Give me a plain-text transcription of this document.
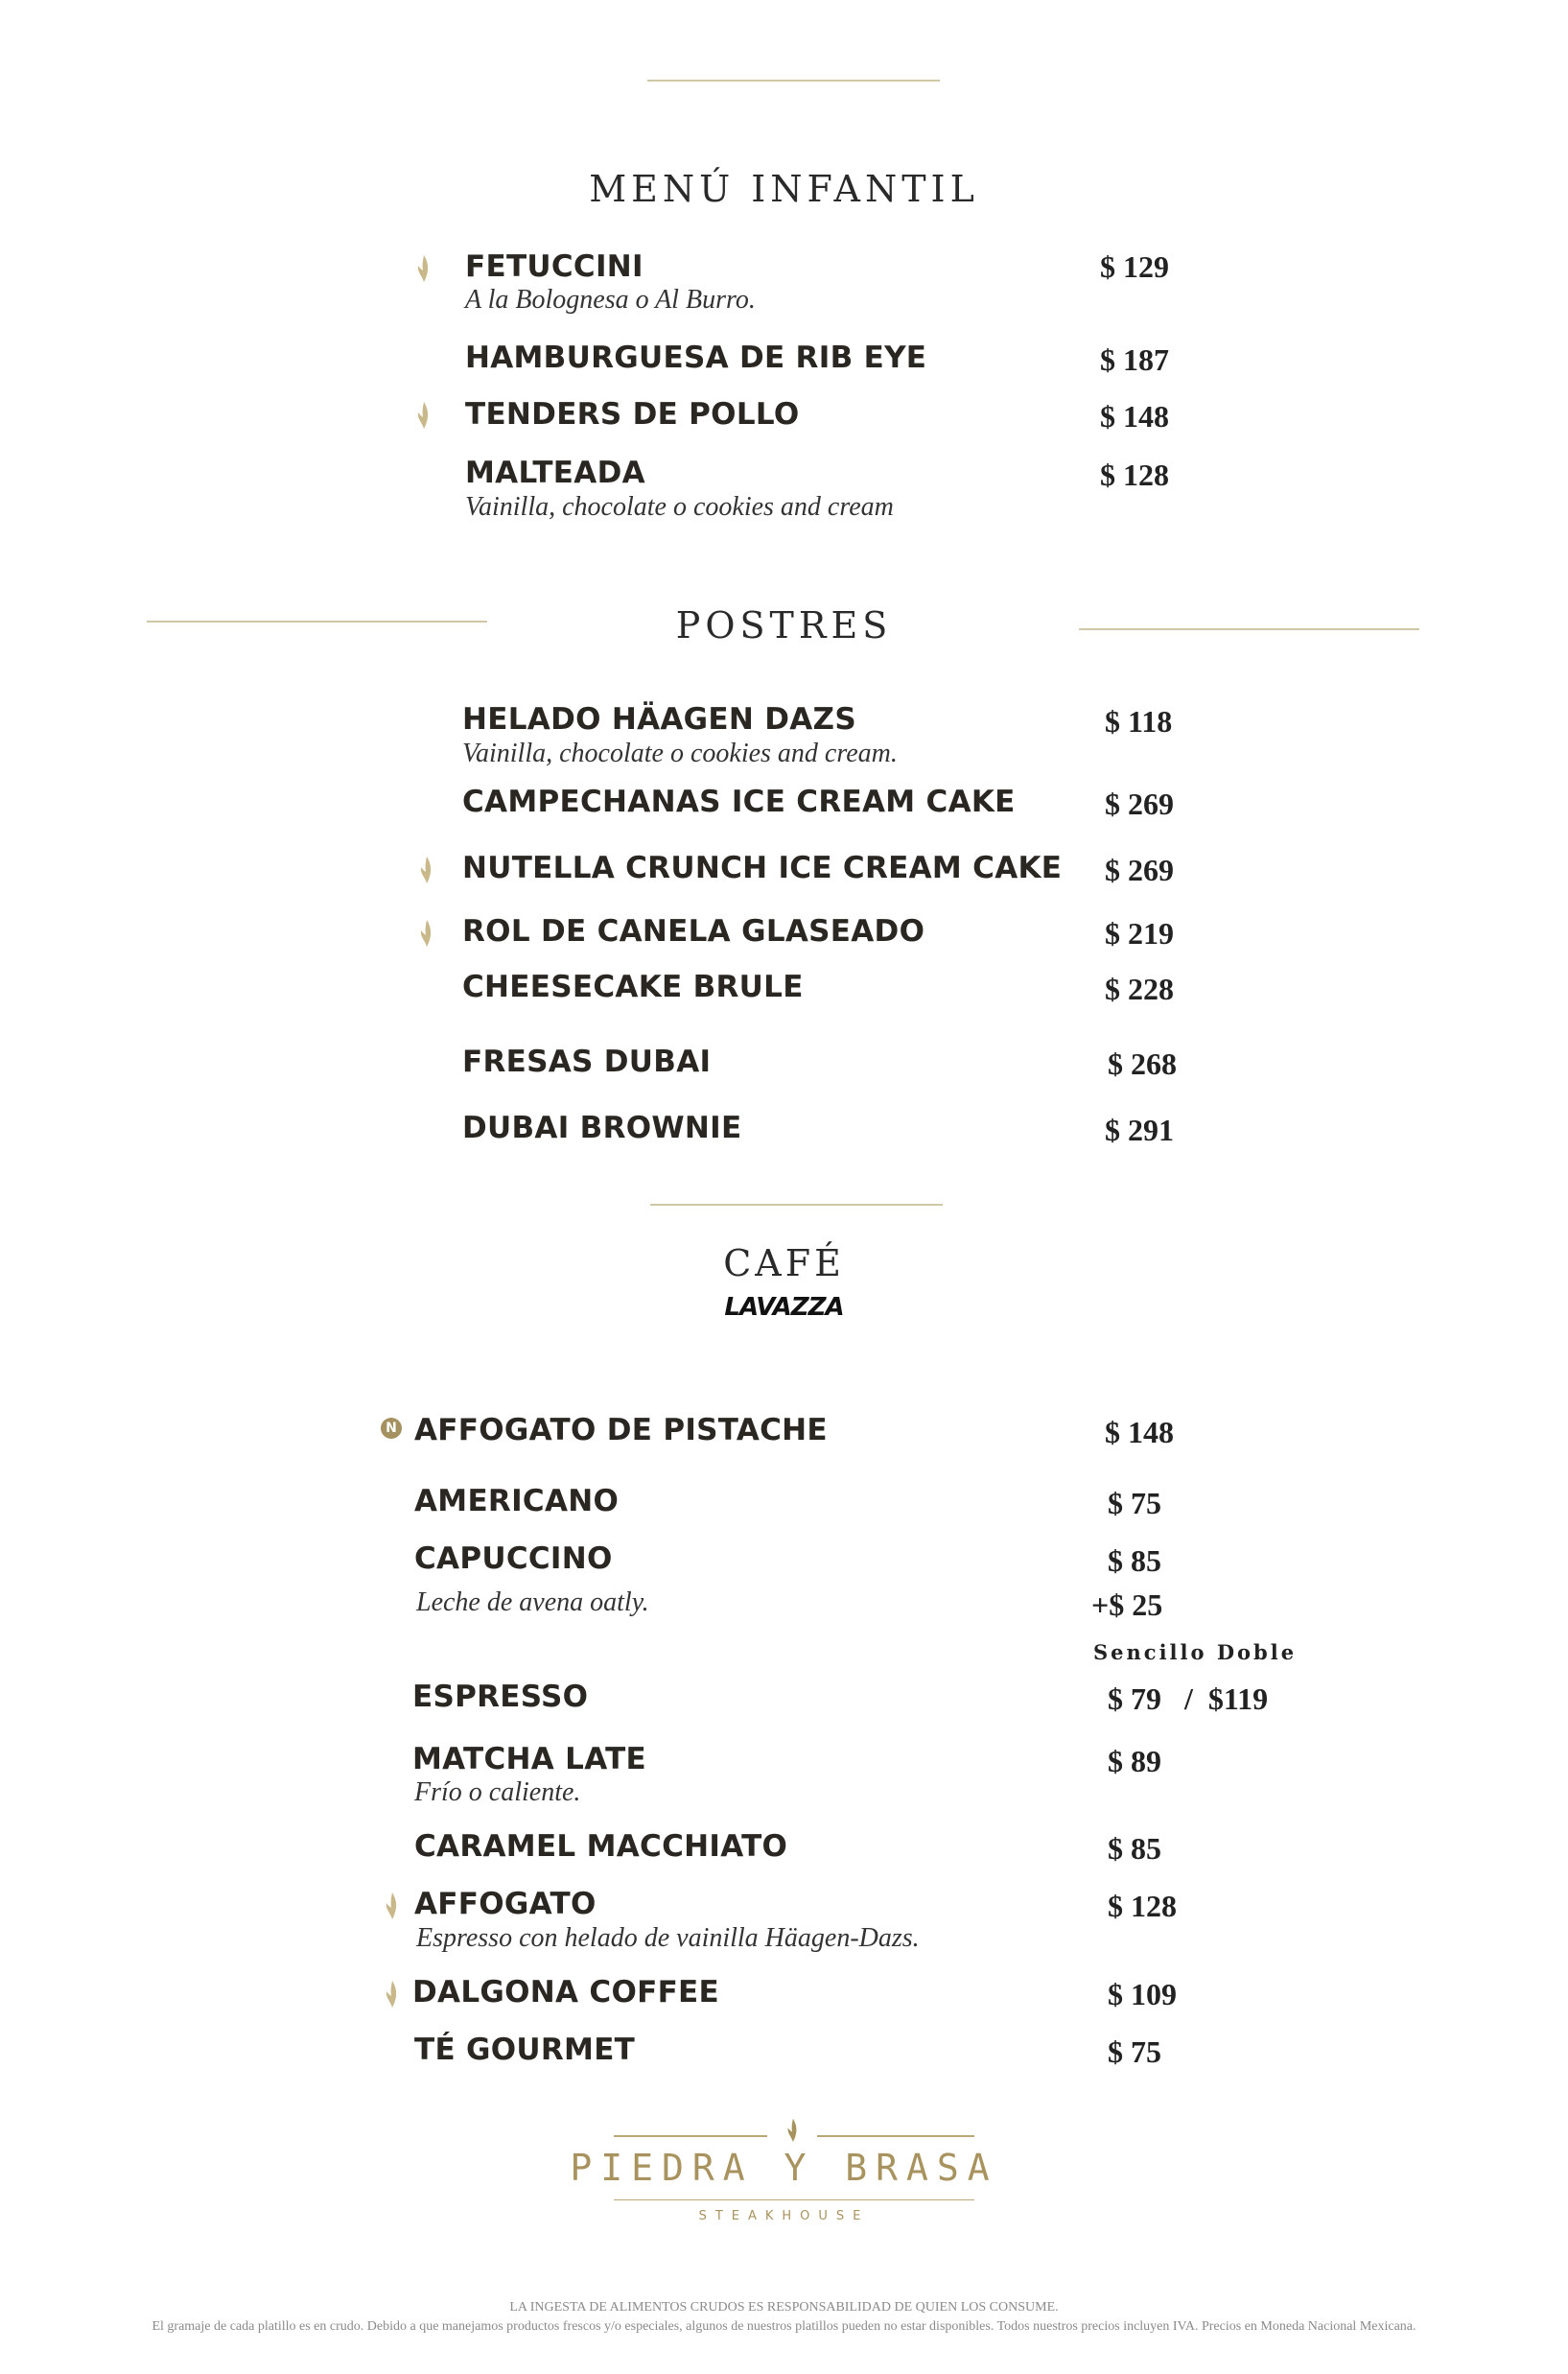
MENÚ INFANTIL
FETUCCINI
A la Bolognesa o Al Burro.
$ 129
HAMBURGUESA DE RIB EYE	$ 187
TENDERS DE POLLO	$ 148
MALTEADA
Vainilla, chocolate o cookies and cream
$ 128
POSTRES
HELADO HÄAGEN DAZS
Vainilla, chocolate o cookies and cream.
$ 118
CAMPECHANAS ICE CREAM CAKE	$ 269
NUTELLA CRUNCH ICE CREAM CAKE $ 269
ROL DE CANELA GLASEADO	$ 219
CHEESECAKE BRULE	$ 228
FRESAS DUBAI	$ 268
DUBAI BROWNIE	$ 291
CAFÉ
LAVAZZA
N AFFOGATO DE PISTACHE	$ 148
AMERICANO	$ 75
CAPUCCINO	$ 85
Leche de avena oatly.	+$ 25
Sencillo Doble
ESPRESSO	$ 79   /  $119
MATCHA LATE
Frío o caliente.
$ 89
CARAMEL MACCHIATO	$ 85
AFFOGATO
Espresso con helado de vainilla Häagen-Dazs.
$ 128
DALGONA COFFEE	$ 109
TÉ GOURMET	$ 75
PIEDRA Y BRASA
STEAKHOUSE
LA INGESTA DE ALIMENTOS CRUDOS ES RESPONSABILIDAD DE QUIEN LOS CONSUME.
El gramaje de cada platillo es en crudo. Debido a que manejamos productos frescos y/o especiales, algunos de nuestros platillos pueden no estar disponibles. Todos nuestros precios incluyen IVA. Precios en Moneda Nacional Mexicana.
